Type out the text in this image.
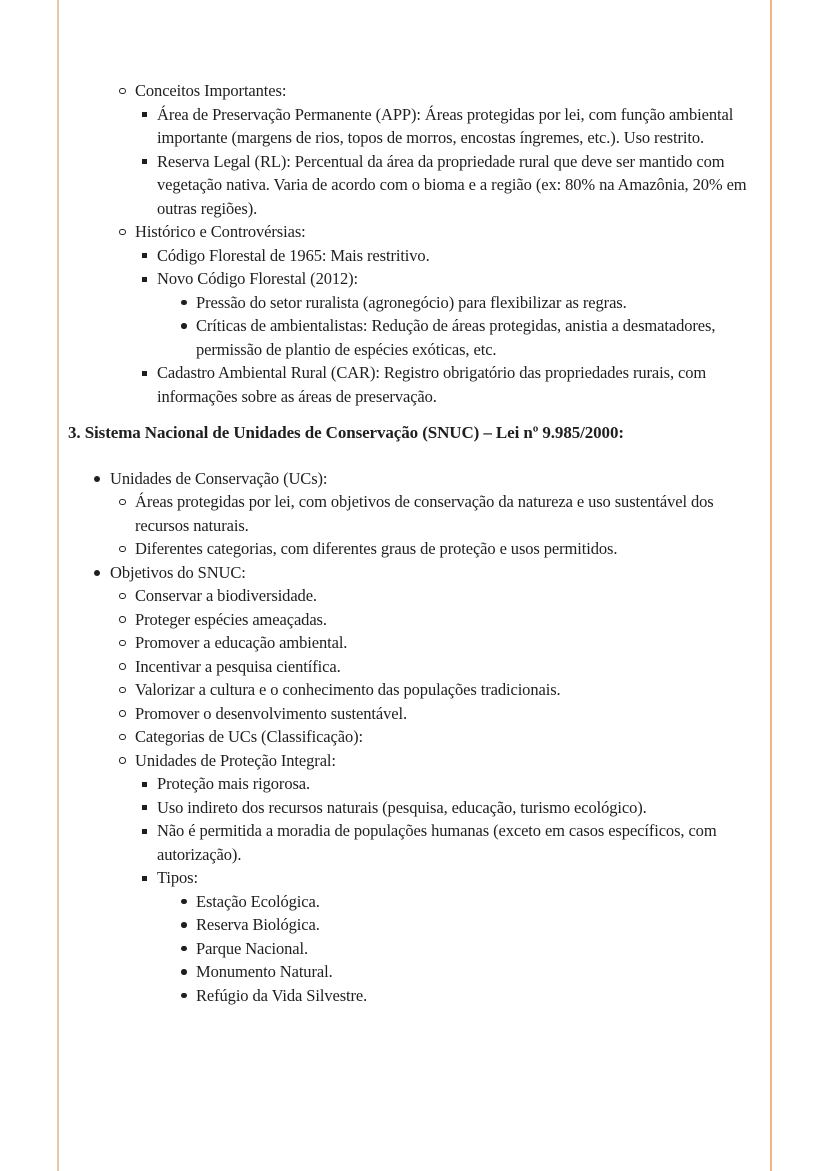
Conceitos Importantes:
Área de Preservação Permanente (APP): Áreas protegidas por lei, com função ambiental importante (margens de rios, topos de morros, encostas íngremes, etc.). Uso restrito.
Reserva Legal (RL): Percentual da área da propriedade rural que deve ser mantido com vegetação nativa. Varia de acordo com o bioma e a região (ex: 80% na Amazônia, 20% em outras regiões).
Histórico e Controvérsias:
Código Florestal de 1965: Mais restritivo.
Novo Código Florestal (2012):
Pressão do setor ruralista (agronegócio) para flexibilizar as regras.
Críticas de ambientalistas: Redução de áreas protegidas, anistia a desmatadores, permissão de plantio de espécies exóticas, etc.
Cadastro Ambiental Rural (CAR): Registro obrigatório das propriedades rurais, com informações sobre as áreas de preservação.
3. Sistema Nacional de Unidades de Conservação (SNUC) – Lei nº 9.985/2000:
Unidades de Conservação (UCs):
Áreas protegidas por lei, com objetivos de conservação da natureza e uso sustentável dos recursos naturais.
Diferentes categorias, com diferentes graus de proteção e usos permitidos.
Objetivos do SNUC:
Conservar a biodiversidade.
Proteger espécies ameaçadas.
Promover a educação ambiental.
Incentivar a pesquisa científica.
Valorizar a cultura e o conhecimento das populações tradicionais.
Promover o desenvolvimento sustentável.
Categorias de UCs (Classificação):
Unidades de Proteção Integral:
Proteção mais rigorosa.
Uso indireto dos recursos naturais (pesquisa, educação, turismo ecológico).
Não é permitida a moradia de populações humanas (exceto em casos específicos, com autorização).
Tipos:
Estação Ecológica.
Reserva Biológica.
Parque Nacional.
Monumento Natural.
Refúgio da Vida Silvestre.
